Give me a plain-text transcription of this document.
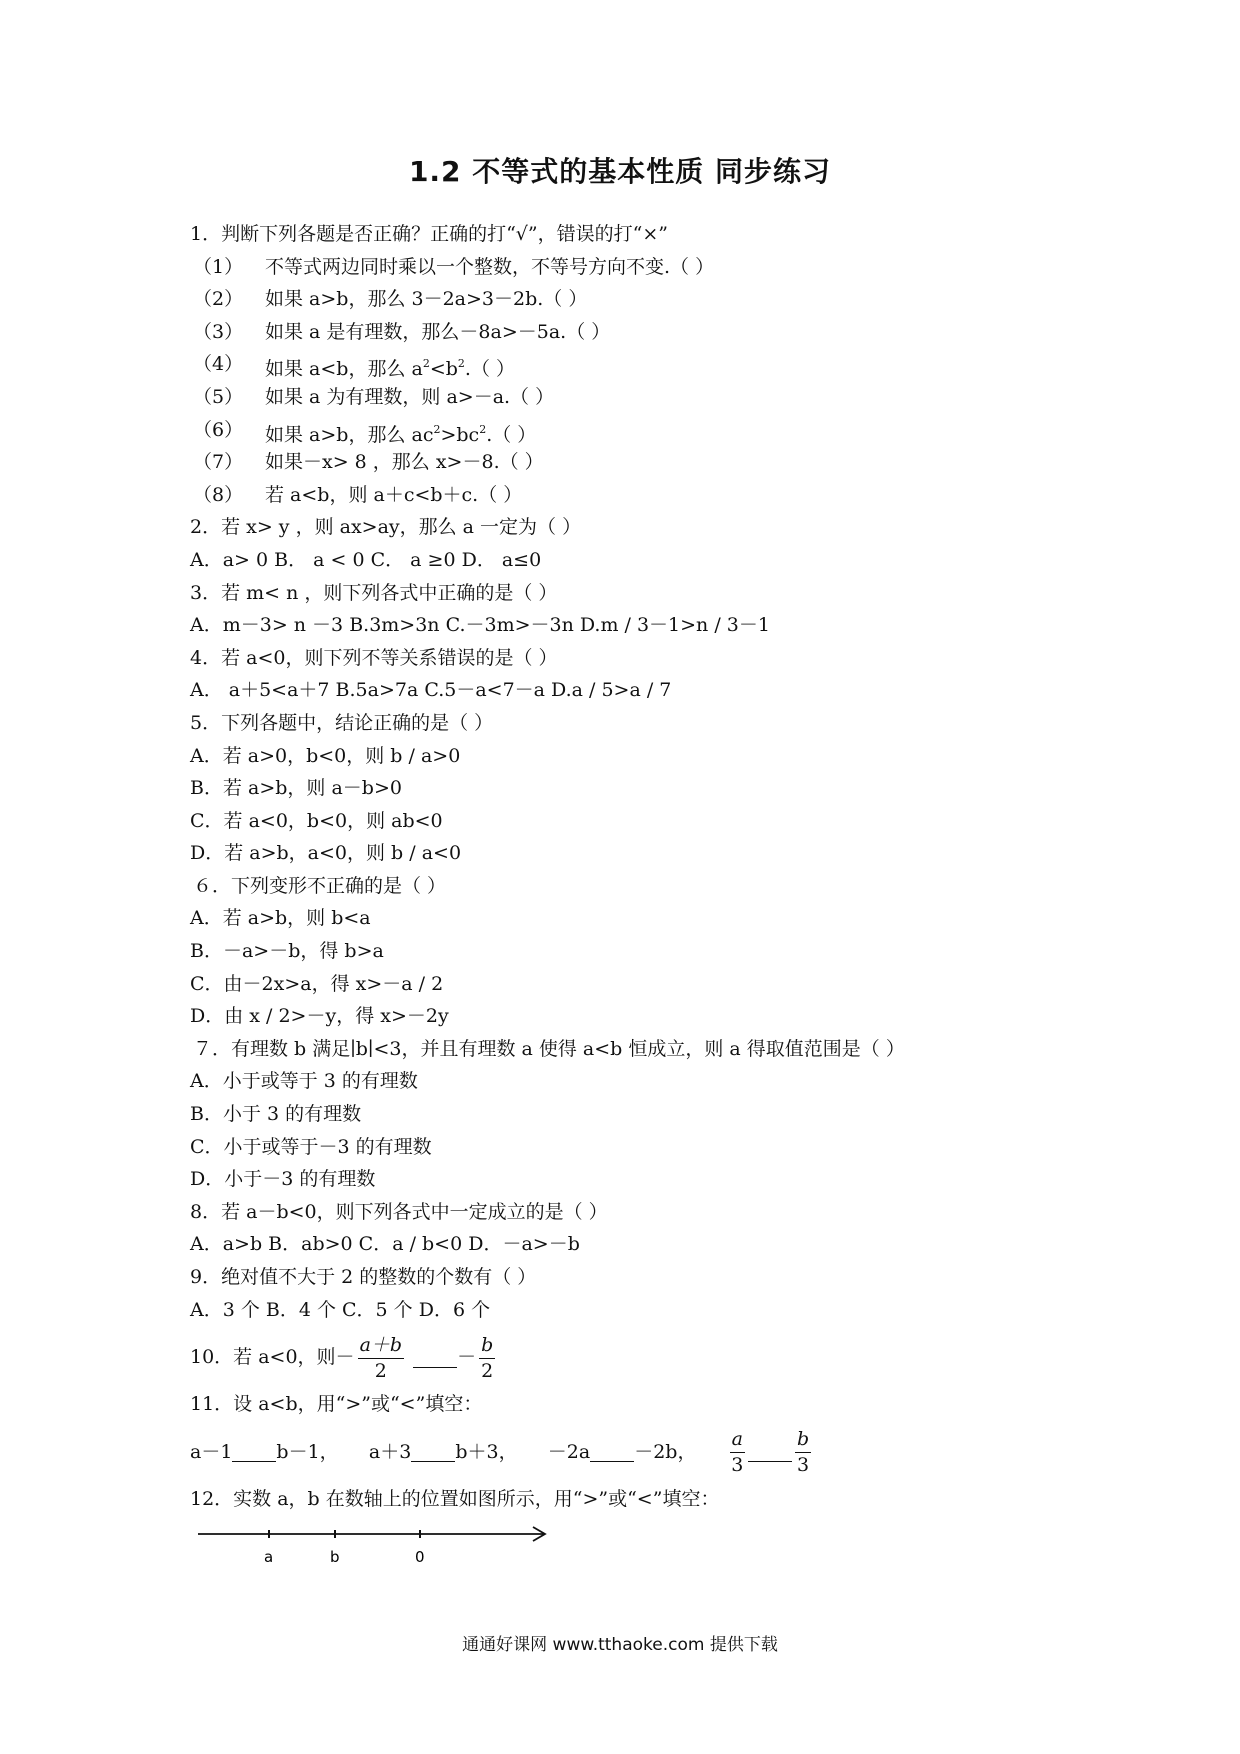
1.2 不等式的基本性质 同步练习
1．判断下列各题是否正确？正确的打“√”，错误的打“×”
（1） 不等式两边同时乘以一个整数，不等号方向不变.（ ）
（2） 如果 a>b，那么 3－2a>3－2b.（ ）
（3） 如果 a 是有理数，那么－8a>－5a.（ ）
（4） 如果 a<b，那么 $a^2<b^2$.（ ）
（5） 如果 a 为有理数，则 a>－a.（ ）
（6） 如果 a>b，那么 $ac^2>bc^2$.（ ）
（7） 如果－x> 8 ，那么 x>－8.（ ）
（8） 若 a<b，则 a＋c<b＋c.（ ）
2．若 x> y ，则 ax>ay，那么 a 一定为（ ）
A．a> 0 B． a < 0 C． a ≥0 D． a≤0
3．若 m< n ，则下列各式中正确的是（ ）
A．m－3> n －3 B.3m>3n C.－3m>－3n D.m / 3－1>n / 3－1
4．若 a<0，则下列不等关系错误的是（ ）
A． a＋5<a＋7 B.5a>7a C.5－a<7－a D.a / 5>a / 7
5．下列各题中，结论正确的是（ ）
A．若 a>0，b<0，则 b / a>0
B．若 a>b，则 a－b>0
C．若 a<0，b<0，则 ab<0
D．若 a>b，a<0，则 b / a<0
６．下列变形不正确的是（ ）
A．若 a>b，则 b<a
B．－a>－b，得 b>a
C．由－2x>a，得 x>－a / 2
D．由 x / 2>－y，得 x>－2y
７．有理数 b 满足∣b∣<3，并且有理数 a 使得 a<b 恒成立，则 a 得取值范围是（ ）
A．小于或等于 3 的有理数
B．小于 3 的有理数
C．小于或等于－3 的有理数
D．小于－3 的有理数
8．若 a－b<0，则下列各式中一定成立的是（ ）
A．a>b B．ab>0 C．a / b<0 D．－a>－b
9．绝对值不大于 2 的整数的个数有（ ）
A．3 个 B．4 个 C．5 个 D．6 个
10．若 a<0，则－ $\frac{a+b}{2}$	－ $\frac{b}{2}$
11．设 a<b，用“>”或“<”填空：
a－1 b－1， a＋3 b＋3， －2a －2b， $\frac{a}{3}$	$\frac{b}{3}$
12．实数 a，b 在数轴上的位置如图所示，用“>”或“<”填空：
a	b	0
通通好课网 www.tthaoke.com 提供下载
